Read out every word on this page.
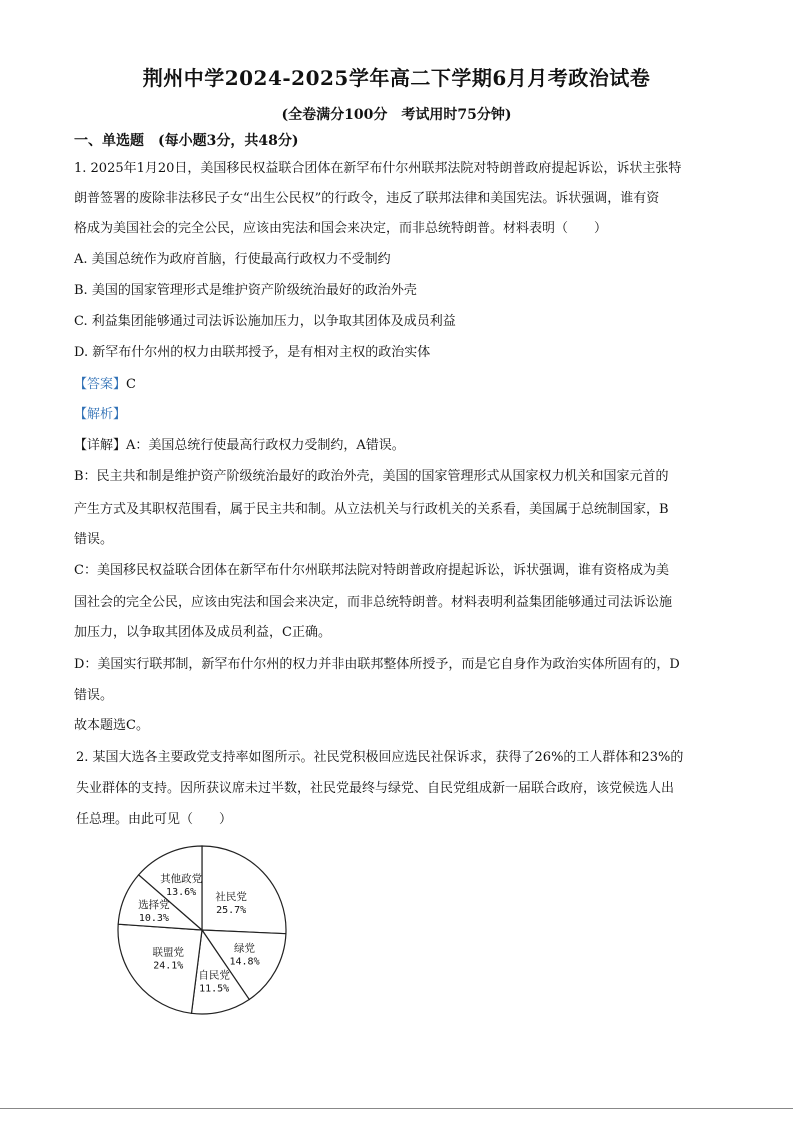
荆州中学2024-2025学年高二下学期6月月考政治试卷
(全卷满分100分　考试用时75分钟)
一、单选题　(每小题3分，共48分)
1. 2025年1月20日，美国移民权益联合团体在新罕布什尔州联邦法院对特朗普政府提起诉讼，诉状主张特
朗普签署的废除非法移民子女“出生公民权”的行政令，违反了联邦法律和美国宪法。诉状强调，谁有资
格成为美国社会的完全公民，应该由宪法和国会来决定，而非总统特朗普。材料表明（　　）
A. 美国总统作为政府首脑，行使最高行政权力不受制约
B. 美国的国家管理形式是维护资产阶级统治最好的政治外壳
C. 利益集团能够通过司法诉讼施加压力，以争取其团体及成员利益
D. 新罕布什尔州的权力由联邦授予，是有相对主权的政治实体
【答案】C
【解析】
【详解】A：美国总统行使最高行政权力受制约，A错误。
B：民主共和制是维护资产阶级统治最好的政治外壳，美国的国家管理形式从国家权力机关和国家元首的
产生方式及其职权范围看，属于民主共和制。从立法机关与行政机关的关系看，美国属于总统制国家，B
错误。
C：美国移民权益联合团体在新罕布什尔州联邦法院对特朗普政府提起诉讼，诉状强调，谁有资格成为美
国社会的完全公民，应该由宪法和国会来决定，而非总统特朗普。材料表明利益集团能够通过司法诉讼施
加压力，以争取其团体及成员利益，C正确。
D：美国实行联邦制，新罕布什尔州的权力并非由联邦整体所授予，而是它自身作为政治实体所固有的，D
错误。
故本题选C。
2. 某国大选各主要政党支持率如图所示。社民党积极回应选民社保诉求，获得了26%的工人群体和23%的
失业群体的支持。因所获议席未过半数，社民党最终与绿党、自民党组成新一届联合政府，该党候选人出
任总理。由此可见（　　）
社民党
25.7%
绿党
14.8%
自民党
11.5%
联盟党
24.1%
选择党
10.3%
其他政党
13.6%
